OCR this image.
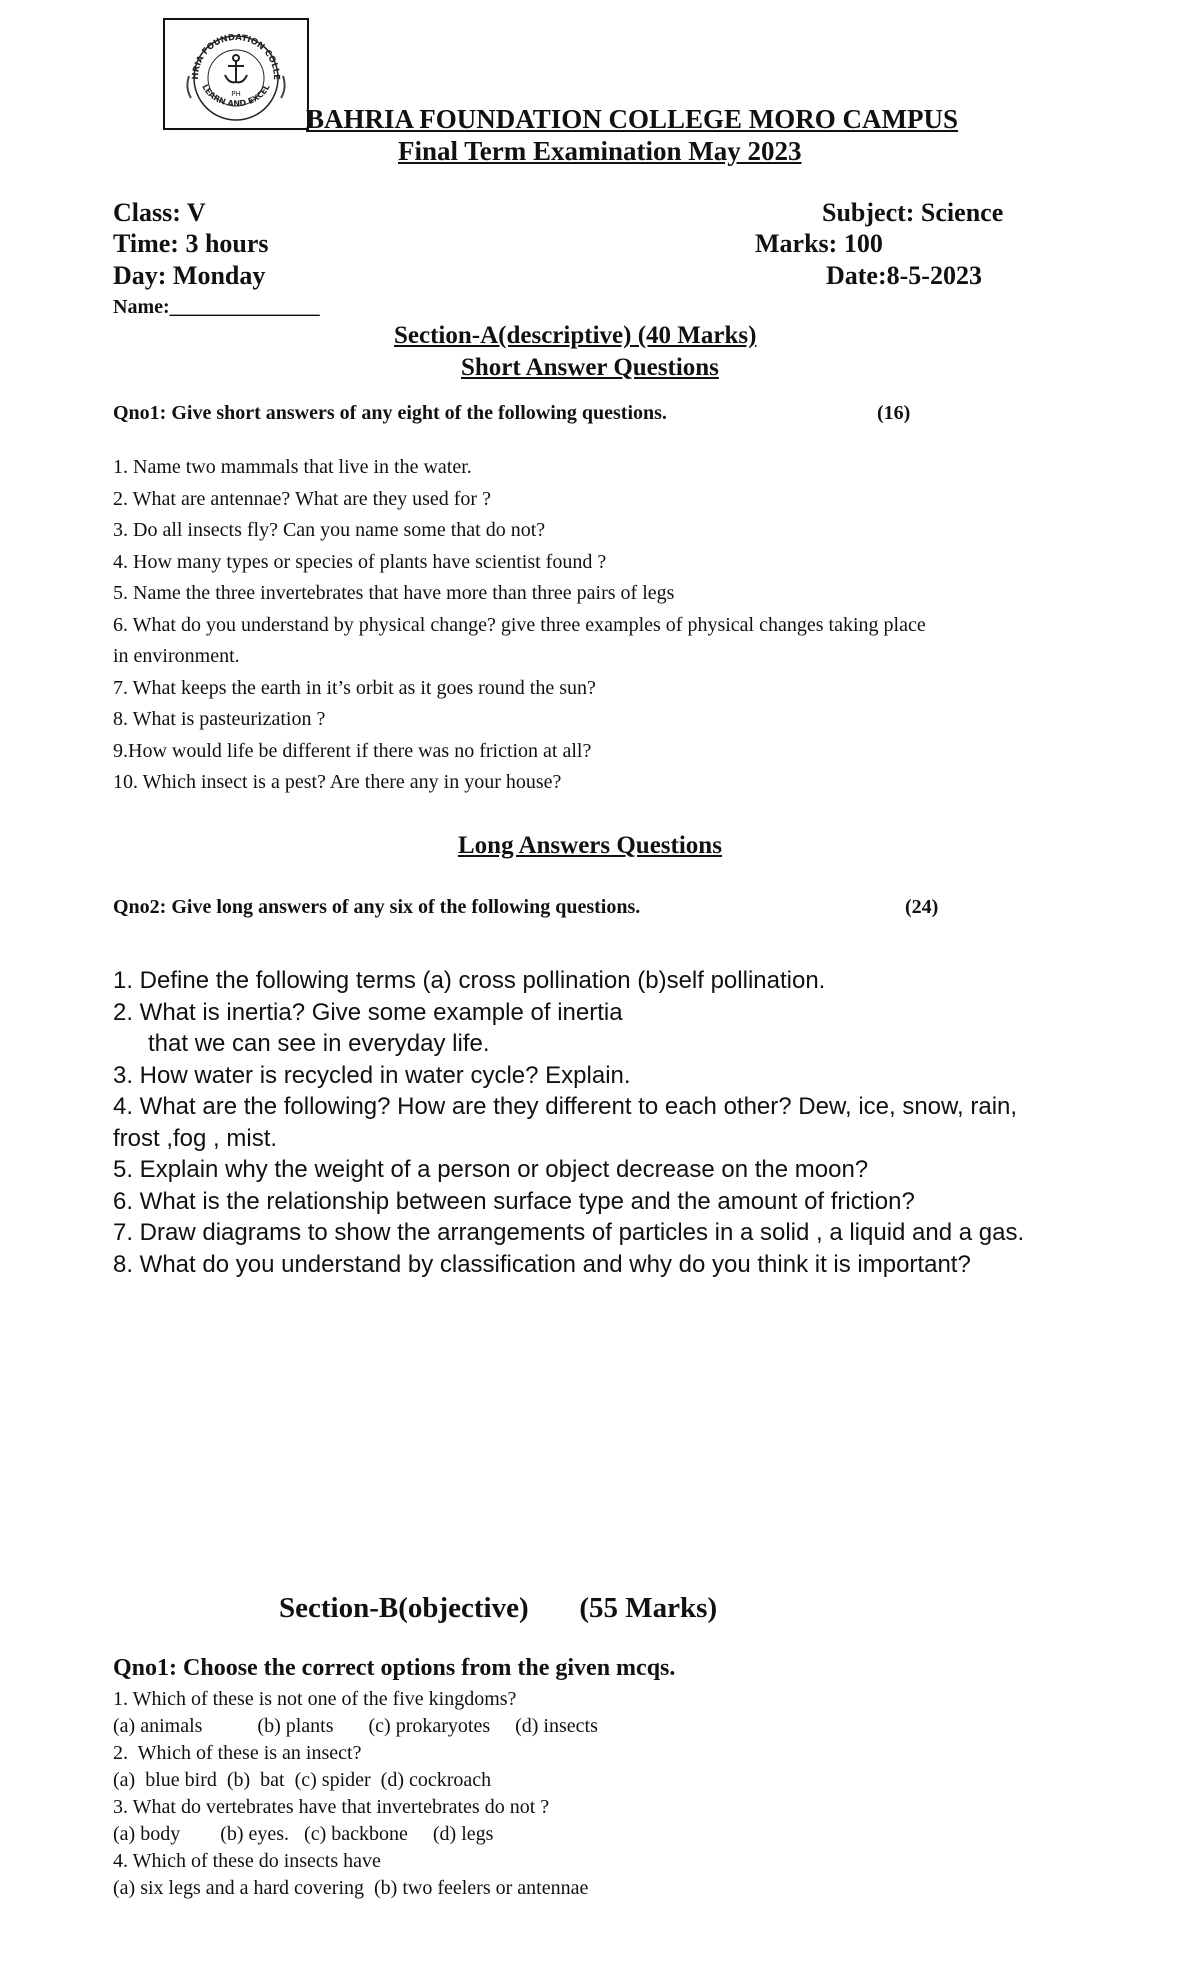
HRIA FOUNDATION COLLE
LEARN AND EXCEL
PH
BAHRIA FOUNDATION COLLEGE MORO CAMPUS
Final Term Examination May 2023
Class: V	Subject: Science
Time: 3 hours	Marks: 100
Day: Monday	Date:8-5-2023
Name:_______________
Section-A(descriptive) (40 Marks)
Short Answer Questions
Qno1: Give short answers of any eight of the following questions.	(16)
1. Name two mammals that live in the water.
2. What are antennae? What are they used for ?
3. Do all insects fly? Can you name some that do not?
4. How many types or species of plants have scientist found ?
5. Name the three invertebrates that have more than three pairs of legs
6. What do you understand by physical change? give three examples of physical changes taking place
in environment.
7. What keeps the earth in it’s orbit as it goes round the sun?
8. What is pasteurization ?
9.How would life be different if there was no friction at all?
10. Which insect is a pest? Are there any in your house?
Long Answers Questions
Qno2: Give long answers of any six of the following questions.	(24)
1. Define the following terms (a) cross pollination (b)self pollination.
2. What is inertia? Give some example of inertia
that we can see in everyday life.
3. How water is recycled in water cycle? Explain.
4. What are the following? How are they different to each other? Dew, ice, snow, rain,
frost ,fog , mist.
5. Explain why the weight of a person or object decrease on the moon?
6. What is the relationship between surface type and the amount of friction?
7. Draw diagrams to show the arrangements of particles in a solid , a liquid and a gas.
8. What do you understand by classification and why do you think it is important?
Section-B(objective)       (55 Marks)
Qno1: Choose the correct options from the given mcqs.
1. Which of these is not one of the five kingdoms?
(a) animals           (b) plants       (c) prokaryotes     (d) insects
2.  Which of these is an insect?
(a)  blue bird  (b)  bat  (c) spider  (d) cockroach
3. What do vertebrates have that invertebrates do not ?
(a) body        (b) eyes.   (c) backbone     (d) legs
4. Which of these do insects have
(a) six legs and a hard covering  (b) two feelers or antennae
